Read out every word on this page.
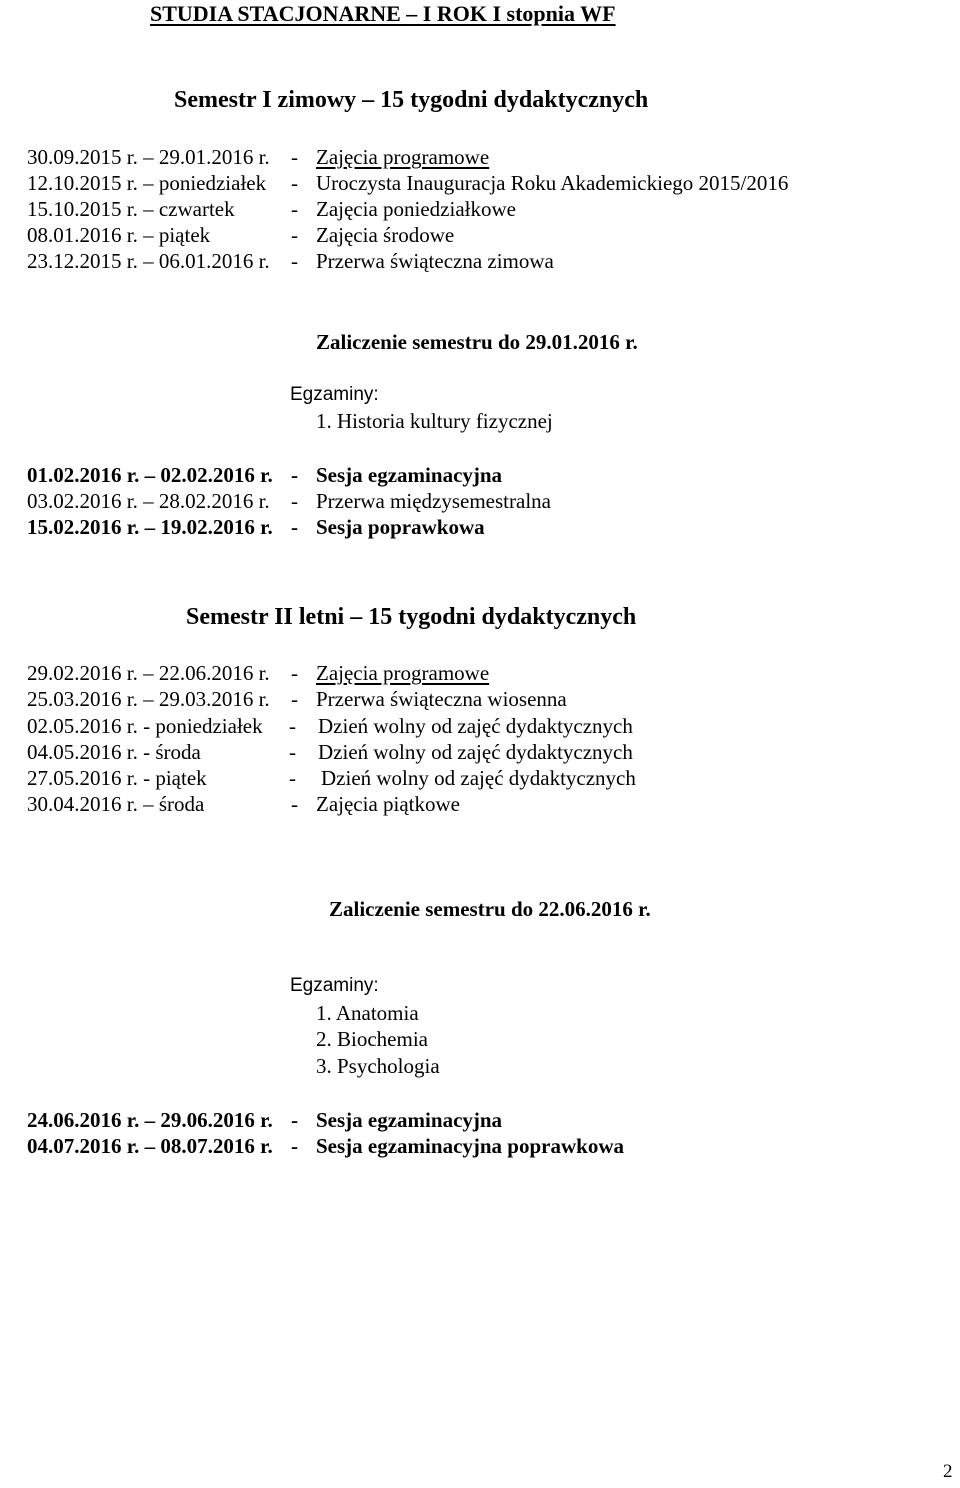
STUDIA STACJONARNE – I ROK I stopnia WF
Semestr I zimowy – 15 tygodni dydaktycznych
30.09.2015 r. – 29.01.2016 r. - Zajęcia programowe
12.10.2015 r. – poniedziałek - Uroczysta Inauguracja Roku Akademickiego 2015/2016
15.10.2015 r. – czwartek	- Zajęcia poniedziałkowe
08.01.2016 r. – piątek	- Zajęcia środowe
23.12.2015 r. – 06.01.2016 r. - Przerwa świąteczna zimowa
Zaliczenie semestru do 29.01.2016 r.
Egzaminy:
1. Historia kultury fizycznej
01.02.2016 r. – 02.02.2016 r. - Sesja egzaminacyjna
03.02.2016 r. – 28.02.2016 r. - Przerwa międzysemestralna
15.02.2016 r. – 19.02.2016 r. - Sesja poprawkowa
Semestr II letni – 15 tygodni dydaktycznych
29.02.2016 r. – 22.06.2016 r. - Zajęcia programowe
25.03.2016 r. – 29.03.2016 r. - Przerwa świąteczna wiosenna
02.05.2016 r. - poniedziałek - Dzień wolny od zajęć dydaktycznych
04.05.2016 r. - środa	- Dzień wolny od zajęć dydaktycznych
27.05.2016 r. - piątek	- Dzień wolny od zajęć dydaktycznych
30.04.2016 r. – środa	- Zajęcia piątkowe
Zaliczenie semestru do 22.06.2016 r.
Egzaminy:
1. Anatomia
2. Biochemia
3. Psychologia
24.06.2016 r. – 29.06.2016 r. - Sesja egzaminacyjna
04.07.2016 r. – 08.07.2016 r. - Sesja egzaminacyjna poprawkowa
2
